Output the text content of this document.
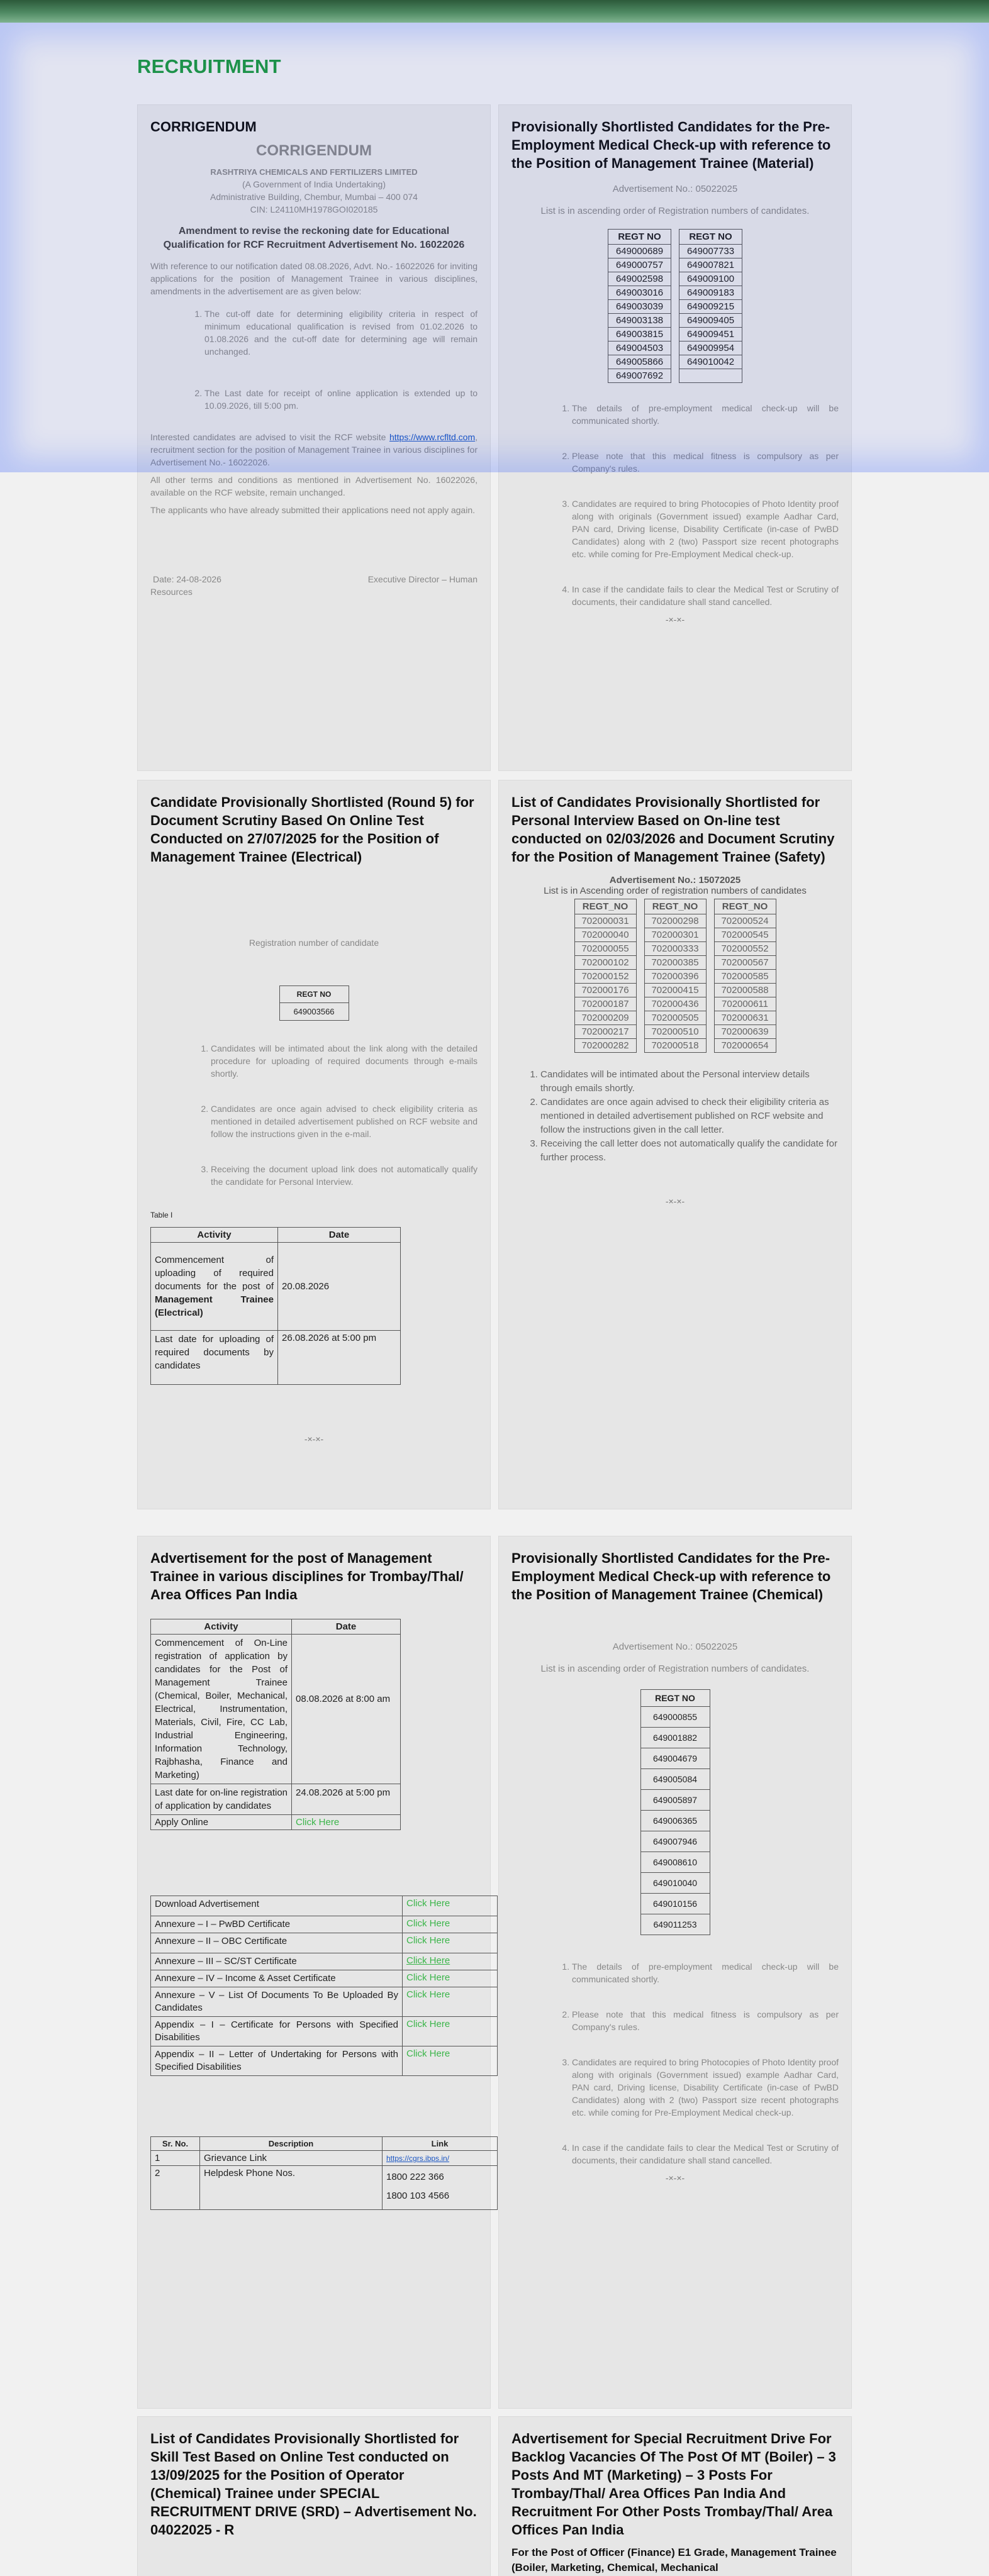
RECRUITMENT
CORRIGENDUM
CORRIGENDUM
RASHTRIYA CHEMICALS AND FERTILIZERS LIMITED
(A Government of India Undertaking)
Administrative Building, Chembur, Mumbai – 400 074
CIN: L24110MH1978GOI020185
Amendment to revise the reckoning date for Educational Qualification for RCF Recruitment Advertisement No. 16022026
With reference to our notification dated 08.08.2026, Advt. No.- 16022026 for inviting applications for the position of Management Trainee in various disciplines, amendments in the advertisement are as given below:
1. The cut-off date for determining eligibility criteria in respect of minimum educational qualification is revised from 01.02.2026 to 01.08.2026 and the cut-off date for determining age will remain unchanged.
2. The Last date for receipt of online application is extended up to 10.09.2026, till 5:00 pm.
Interested candidates are advised to visit the RCF website https://www.rcfltd.com, recruitment section for the position of Management Trainee in various disciplines for Advertisement No.- 16022026.
All other terms and conditions as mentioned in Advertisement No. 16022026, available on the RCF website, remain unchanged.
The applicants who have already submitted their applications need not apply again.
Date: 24-08-2026	Executive Director – Human
Resources
Provisionally Shortlisted Candidates for the Pre-Employment Medical Check-up with reference to the Position of Management Trainee (Material)
Advertisement No.: 05022025
List is in ascending order of Registration numbers of candidates.
REGT NO		REGT NO
649000689		649007733
649000757		649007821
649002598		649009100
649003016		649009183
649003039		649009215
649003138		649009405
649003815		649009451
649004503		649009954
649005866		649010042
649007692		
1. The details of pre-employment medical check-up will be communicated shortly.
2. Please note that this medical fitness is compulsory as per Company's rules.
3. Candidates are required to bring Photocopies of Photo Identity proof along with originals (Government issued) example Aadhar Card, PAN card, Driving license, Disability Certificate (in-case of PwBD Candidates) along with 2 (two) Passport size recent photographs etc. while coming for Pre-Employment Medical check-up.
4. In case if the candidate fails to clear the Medical Test or Scrutiny of documents, their candidature shall stand cancelled.
-×-×-
Candidate Provisionally Shortlisted (Round 5) for Document Scrutiny Based On Online Test Conducted on 27/07/2025 for the Position of Management Trainee (Electrical)
Registration number of candidate
REGT NO
649003566
1. Candidates will be intimated about the link along with the detailed procedure for uploading of required documents through e-mails shortly.
2. Candidates are once again advised to check eligibility criteria as mentioned in detailed advertisement published on RCF website and follow the instructions given in the e-mail.
3. Receiving the document upload link does not automatically qualify the candidate for Personal Interview.
Table I
Activity	Date
Commencement of uploading of required documents for the post of Management Trainee (Electrical)	20.08.2026
Last date for uploading of required documents by candidates	26.08.2026 at 5:00 pm
-×-×-
List of Candidates Provisionally Shortlisted for Personal Interview Based on On-line test conducted on 02/03/2026 and Document Scrutiny for the Position of Management Trainee (Safety)
Advertisement No.: 15072025
List is in Ascending order of registration numbers of candidates
REGT_NO		REGT_NO		REGT_NO
702000031		702000298		702000524
702000040		702000301		702000545
702000055		702000333		702000552
702000102		702000385		702000567
702000152		702000396		702000585
702000176		702000415		702000588
702000187		702000436		702000611
702000209		702000505		702000631
702000217		702000510		702000639
702000282		702000518		702000654
1. Candidates will be intimated about the Personal interview details through emails shortly.
2. Candidates are once again advised to check their eligibility criteria as mentioned in detailed advertisement published on RCF website and follow the instructions given in the call letter.
3. Receiving the call letter does not automatically qualify the candidate for further process.
-×-×-
Advertisement for the post of Management Trainee in various disciplines for Trombay/Thal/ Area Offices Pan India
Activity	Date
Commencement of On-Line registration of application by candidates for the Post of Management Trainee (Chemical, Boiler, Mechanical, Electrical, Instrumentation, Materials, Civil, Fire, CC Lab, Industrial Engineering, Information Technology, Rajbhasha, Finance and Marketing)	08.08.2026 at 8:00 am
Last date for on-line registration of application by candidates	24.08.2026 at 5:00 pm
Apply Online	Click Here
Download Advertisement	Click Here
Annexure – I – PwBD Certificate	Click Here
Annexure – II – OBC Certificate	Click Here
Annexure – III – SC/ST Certificate	Click Here
Annexure – IV – Income & Asset Certificate	Click Here
Annexure – V – List Of Documents To Be Uploaded By Candidates	Click Here
Appendix – I – Certificate for Persons with Specified Disabilities	Click Here
Appendix – II – Letter of Undertaking for Persons with Specified Disabilities	Click Here
Sr. No.	Description	Link
1	Grievance Link	https://cgrs.ibps.in/
2	Helpdesk Phone Nos.	1800 222 366
1800 103 4566
Provisionally Shortlisted Candidates for the Pre-Employment Medical Check-up with reference to the Position of Management Trainee (Chemical)
Advertisement No.: 05022025
List is in ascending order of Registration numbers of candidates.
REGT NO
649000855
649001882
649004679
649005084
649005897
649006365
649007946
649008610
649010040
649010156
649011253
1. The details of pre-employment medical check-up will be communicated shortly.
2. Please note that this medical fitness is compulsory as per Company's rules.
3. Candidates are required to bring Photocopies of Photo Identity proof along with originals (Government issued) example Aadhar Card, PAN card, Driving license, Disability Certificate (in-case of PwBD Candidates) along with 2 (two) Passport size recent photographs etc. while coming for Pre-Employment Medical check-up.
4. In case if the candidate fails to clear the Medical Test or Scrutiny of documents, their candidature shall stand cancelled.
-×-×-
List of Candidates Provisionally Shortlisted for Skill Test Based on Online Test conducted on 13/09/2025 for the Position of Operator (Chemical) Trainee under SPECIAL RECRUITMENT DRIVE (SRD) – Advertisement No. 04022025 - R
Advertisement for Special Recruitment Drive For Backlog Vacancies Of The Post Of MT (Boiler) – 3 Posts And MT (Marketing) – 3 Posts For Trombay/Thal/ Area Offices Pan India And Recruitment For Other Posts Trombay/Thal/ Area Offices Pan India
For the Post of Officer (Finance) E1 Grade, Management Trainee (Boiler, Marketing, Chemical, Mechanical
